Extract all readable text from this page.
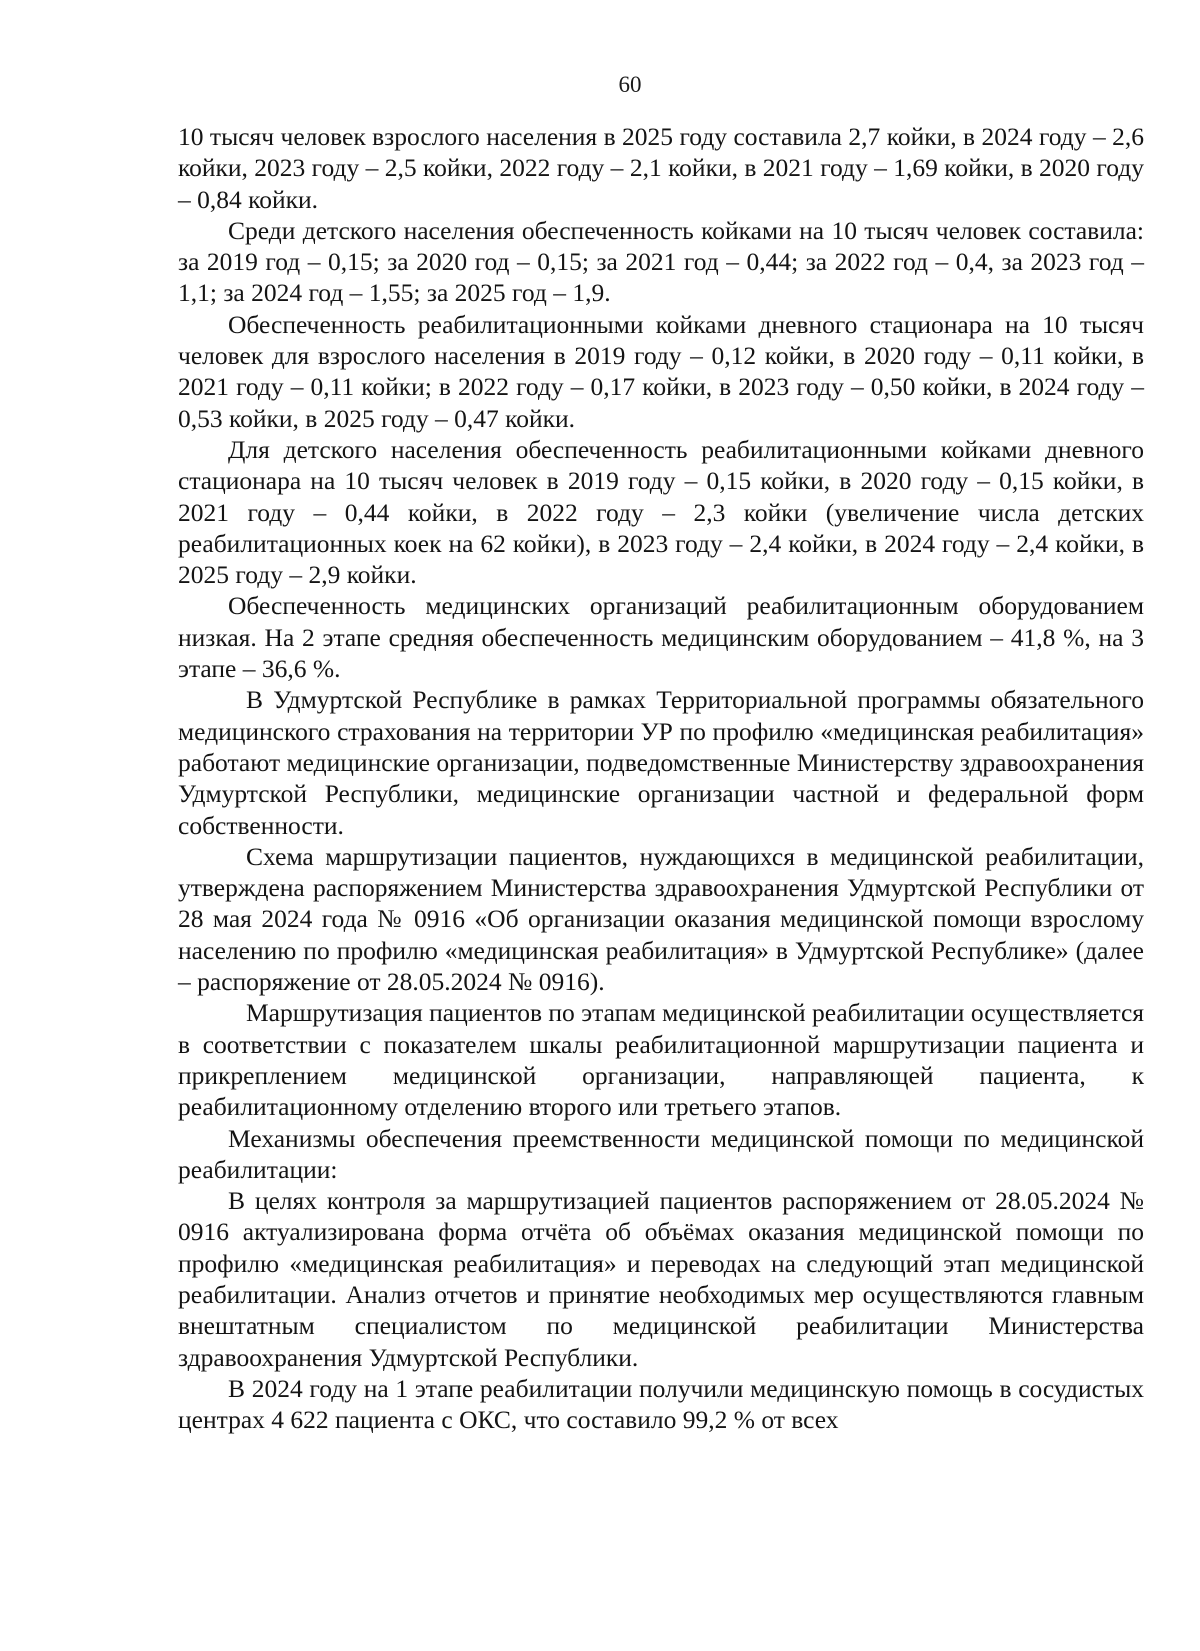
60

10 тысяч человек взрослого населения в 2025 году составила 2,7 койки, в 2024 году – 2,6 койки, 2023 году – 2,5 койки, 2022 году – 2,1 койки, в 2021 году – 1,69 койки, в 2020 году – 0,84 койки.

Среди детского населения обеспеченность койками на 10 тысяч человек составила: за 2019 год – 0,15; за 2020 год – 0,15; за 2021 год – 0,44; за 2022 год – 0,4, за 2023 год – 1,1; за 2024 год – 1,55; за 2025 год – 1,9.

Обеспеченность реабилитационными койками дневного стационара на 10 тысяч человек для взрослого населения в 2019 году – 0,12 койки, в 2020 году – 0,11 койки, в 2021 году – 0,11 койки; в 2022 году – 0,17 койки, в 2023 году – 0,50 койки, в 2024 году – 0,53 койки, в 2025 году – 0,47 койки.

Для детского населения обеспеченность реабилитационными койками дневного стационара на 10 тысяч человек в 2019 году – 0,15 койки, в 2020 году – 0,15 койки, в 2021 году – 0,44 койки, в 2022 году – 2,3 койки (увеличение числа детских реабилитационных коек на 62 койки), в 2023 году – 2,4 койки, в 2024 году – 2,4 койки, в 2025 году – 2,9 койки.

Обеспеченность медицинских организаций реабилитационным оборудованием низкая. На 2 этапе средняя обеспеченность медицинским оборудованием – 41,8 %, на 3 этапе – 36,6 %.

В Удмуртской Республике в рамках Территориальной программы обязательного медицинского страхования на территории УР по профилю «медицинская реабилитация» работают медицинские организации, подведомственные Министерству здравоохранения Удмуртской Республики, медицинские организации частной и федеральной форм собственности.

Схема маршрутизации пациентов, нуждающихся в медицинской реабилитации, утверждена распоряжением Министерства здравоохранения Удмуртской Республики от 28 мая 2024 года № 0916 «Об организации оказания медицинской помощи взрослому населению по профилю «медицинская реабилитация» в Удмуртской Республике» (далее – распоряжение от 28.05.2024 № 0916).

Маршрутизация пациентов по этапам медицинской реабилитации осуществляется в соответствии с показателем шкалы реабилитационной маршрутизации пациента и прикреплением медицинской организации, направляющей пациента, к реабилитационному отделению второго или третьего этапов.

Механизмы обеспечения преемственности медицинской помощи по медицинской реабилитации:

В целях контроля за маршрутизацией пациентов распоряжением от 28.05.2024 № 0916 актуализирована форма отчёта об объёмах оказания медицинской помощи по профилю «медицинская реабилитация» и переводах на следующий этап медицинской реабилитации. Анализ отчетов и принятие необходимых мер осуществляются главным внештатным специалистом по медицинской реабилитации Министерства здравоохранения Удмуртской Республики.

В 2024 году на 1 этапе реабилитации получили медицинскую помощь в сосудистых центрах 4 622 пациента с ОКС, что составило 99,2 % от всех
